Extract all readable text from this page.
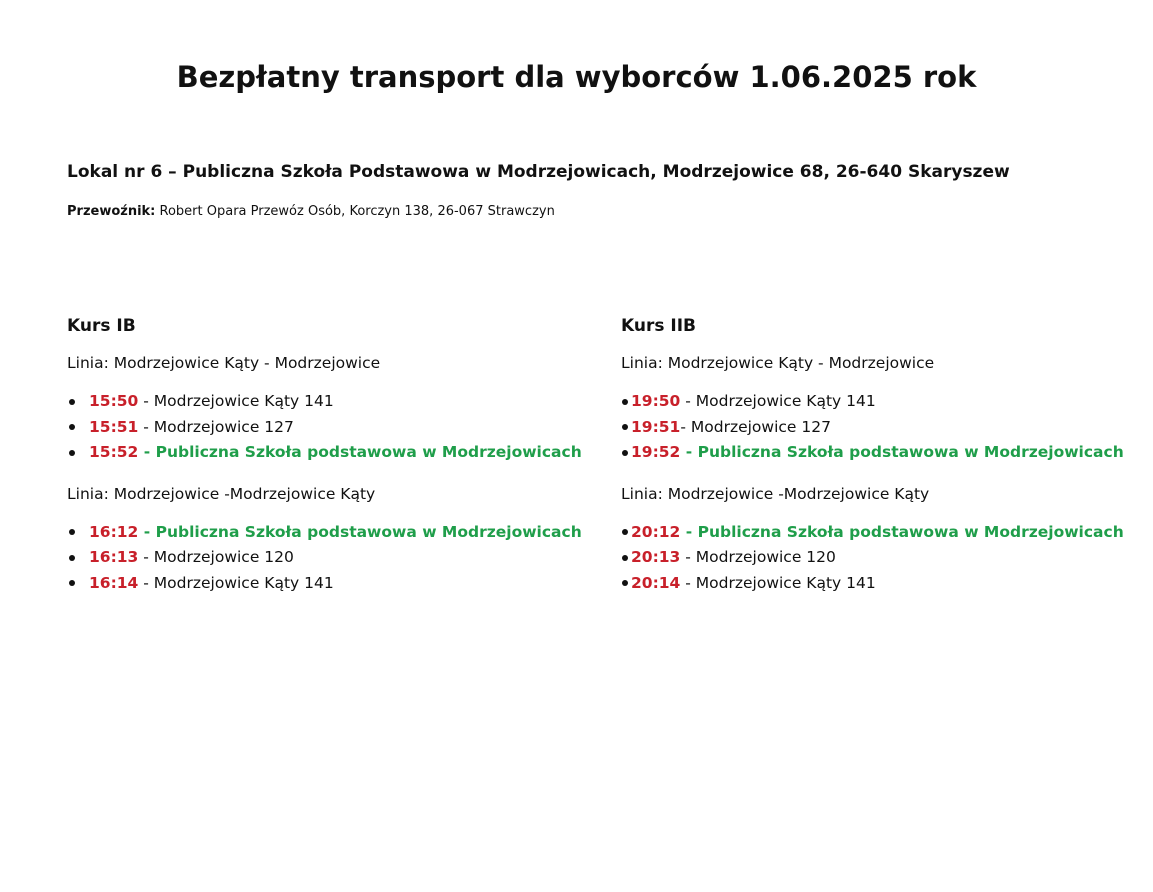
Bezpłatny transport dla wyborców 1.06.2025 rok
Lokal nr 6 – Publiczna Szkoła Podstawowa w Modrzejowicach, Modrzejowice 68, 26-640 Skaryszew
Przewoźnik: Robert Opara Przewóz Osób, Korczyn 138, 26-067 Strawczyn
Kurs IB
Linia: Modrzejowice Kąty - Modrzejowice
15:50 - Modrzejowice Kąty 141
15:51 - Modrzejowice 127
15:52 - Publiczna Szkoła podstawowa w Modrzejowicach
Linia: Modrzejowice -Modrzejowice Kąty
16:12 - Publiczna Szkoła podstawowa w Modrzejowicach
16:13 - Modrzejowice 120
16:14 - Modrzejowice Kąty 141
Kurs IIB
Linia: Modrzejowice Kąty - Modrzejowice
19:50 - Modrzejowice Kąty 141
19:51 - Modrzejowice 127
19:52 - Publiczna Szkoła podstawowa w Modrzejowicach
Linia: Modrzejowice -Modrzejowice Kąty
20:12 - Publiczna Szkoła podstawowa w Modrzejowicach
20:13 - Modrzejowice 120
20:14 - Modrzejowice Kąty 141
